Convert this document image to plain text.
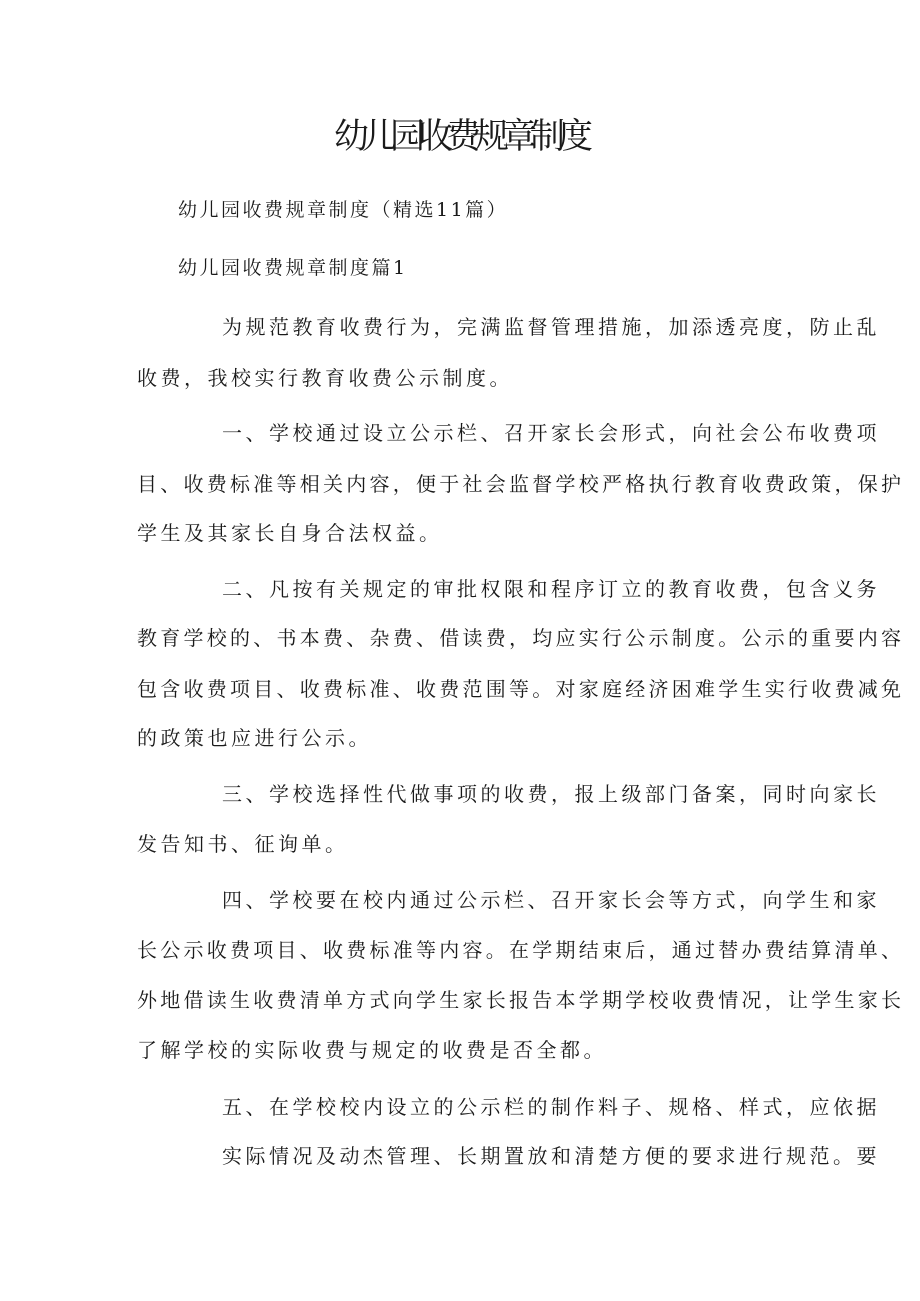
幼儿园收费规章制度
幼儿园收费规章制度（精选11篇）
幼儿园收费规章制度篇1
为规范教育收费行为，完满监督管理措施，加添透亮度，防止乱
收费，我校实行教育收费公示制度。
一、学校通过设立公示栏、召开家长会形式，向社会公布收费项
目、收费标准等相关内容，便于社会监督学校严格执行教育收费政策，保护
学生及其家长自身合法权益。
二、凡按有关规定的审批权限和程序订立的教育收费，包含义务
教育学校的、书本费、杂费、借读费，均应实行公示制度。公示的重要内容
包含收费项目、收费标准、收费范围等。对家庭经济困难学生实行收费减免
的政策也应进行公示。
三、学校选择性代做事项的收费，报上级部门备案，同时向家长
发告知书、征询单。
四、学校要在校内通过公示栏、召开家长会等方式，向学生和家
长公示收费项目、收费标准等内容。在学期结束后，通过替办费结算清单、
外地借读生收费清单方式向学生家长报告本学期学校收费情况，让学生家长
了解学校的实际收费与规定的收费是否全都。
五、在学校校内设立的公示栏的制作料子、规格、样式，应依据
实际情况及动杰管理、长期置放和清楚方便的要求进行规范。要
